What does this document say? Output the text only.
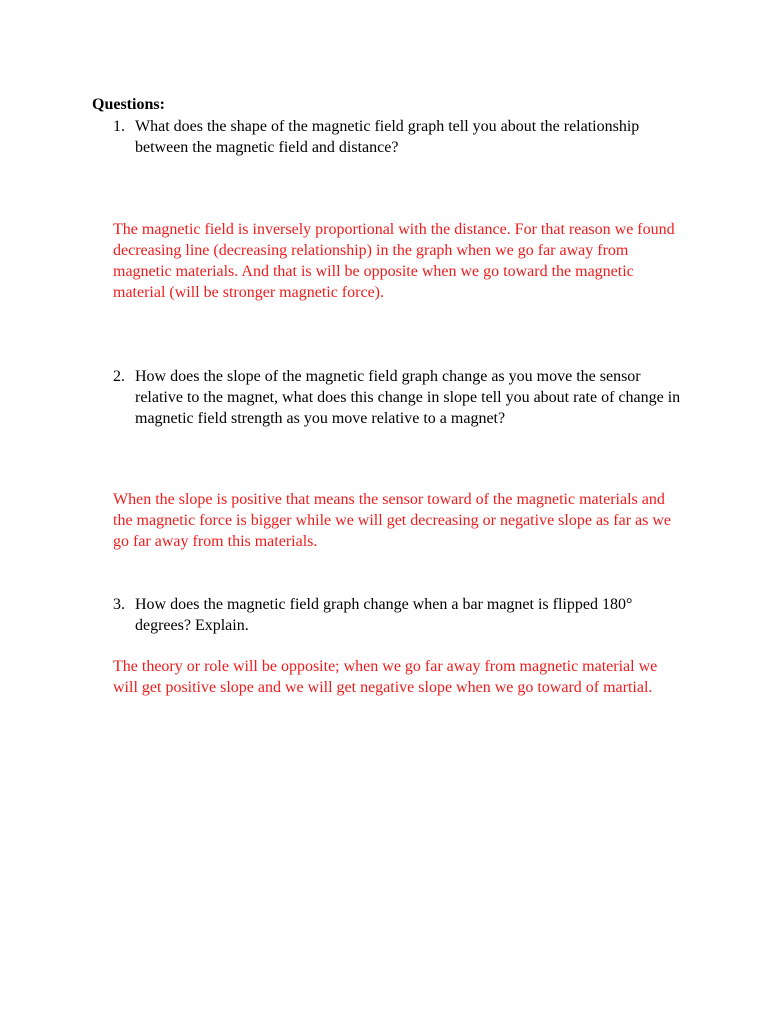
Questions:
1. What does the shape of the magnetic field graph tell you about the relationship between the magnetic field and distance?
The magnetic field is inversely proportional with the distance. For that reason we found decreasing line (decreasing relationship) in the graph when we go far away from magnetic materials. And that is will be opposite when we go toward the magnetic material (will be stronger magnetic force).
2. How does the slope of the magnetic field graph change as you move the sensor relative to the magnet, what does this change in slope tell you about rate of change in magnetic field strength as you move relative to a magnet?
When the slope is positive that means the sensor toward of the magnetic materials and the magnetic force is bigger while we will get decreasing or negative slope as far as we go far away from this materials.
3. How does the magnetic field graph change when a bar magnet is flipped 180° degrees? Explain.
The theory or role will be opposite; when we go far away from magnetic material we will get positive slope and we will get negative slope when we go toward of martial.
